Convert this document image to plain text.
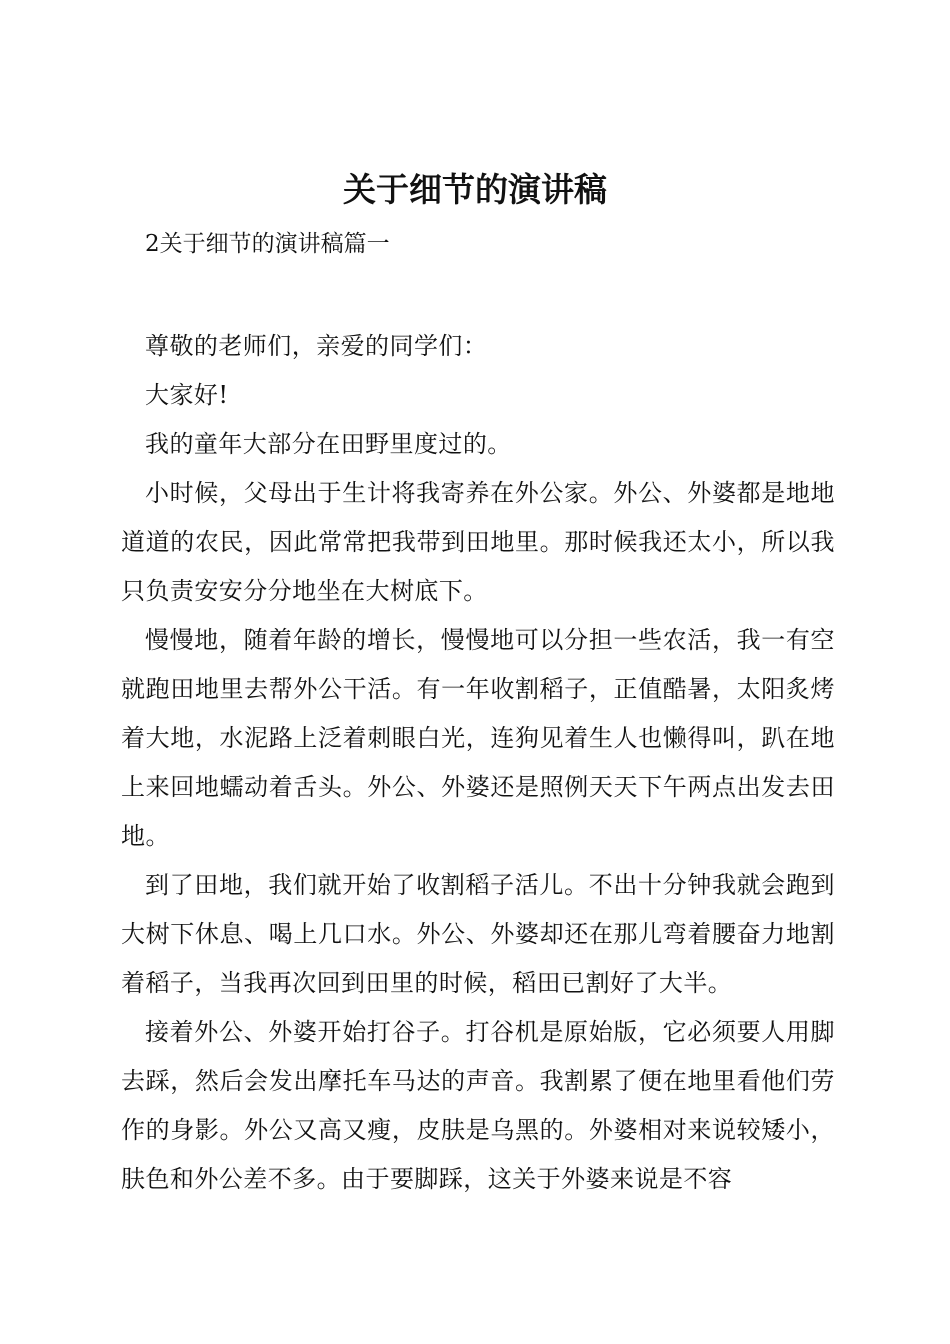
关于细节的演讲稿
2关于细节的演讲稿篇一

尊敬的老师们，亲爱的同学们：

大家好!

我的童年大部分在田野里度过的。

小时候，父母出于生计将我寄养在外公家。外公、外婆都是地地道道的农民，因此常常把我带到田地里。那时候我还太小，所以我只负责安安分分地坐在大树底下。

慢慢地，随着年龄的增长，慢慢地可以分担一些农活，我一有空就跑田地里去帮外公干活。有一年收割稻子，正值酷暑，太阳炙烤着大地，水泥路上泛着刺眼白光，连狗见着生人也懒得叫，趴在地上来回地蠕动着舌头。外公、外婆还是照例天天下午两点出发去田地。

到了田地，我们就开始了收割稻子活儿。不出十分钟我就会跑到大树下休息、喝上几口水。外公、外婆却还在那儿弯着腰奋力地割着稻子，当我再次回到田里的时候，稻田已割好了大半。

接着外公、外婆开始打谷子。打谷机是原始版，它必须要人用脚去踩，然后会发出摩托车马达的声音。我割累了便在地里看他们劳作的身影。外公又高又瘦，皮肤是乌黑的。外婆相对来说较矮小，肤色和外公差不多。由于要脚踩，这关于外婆来说是不容
